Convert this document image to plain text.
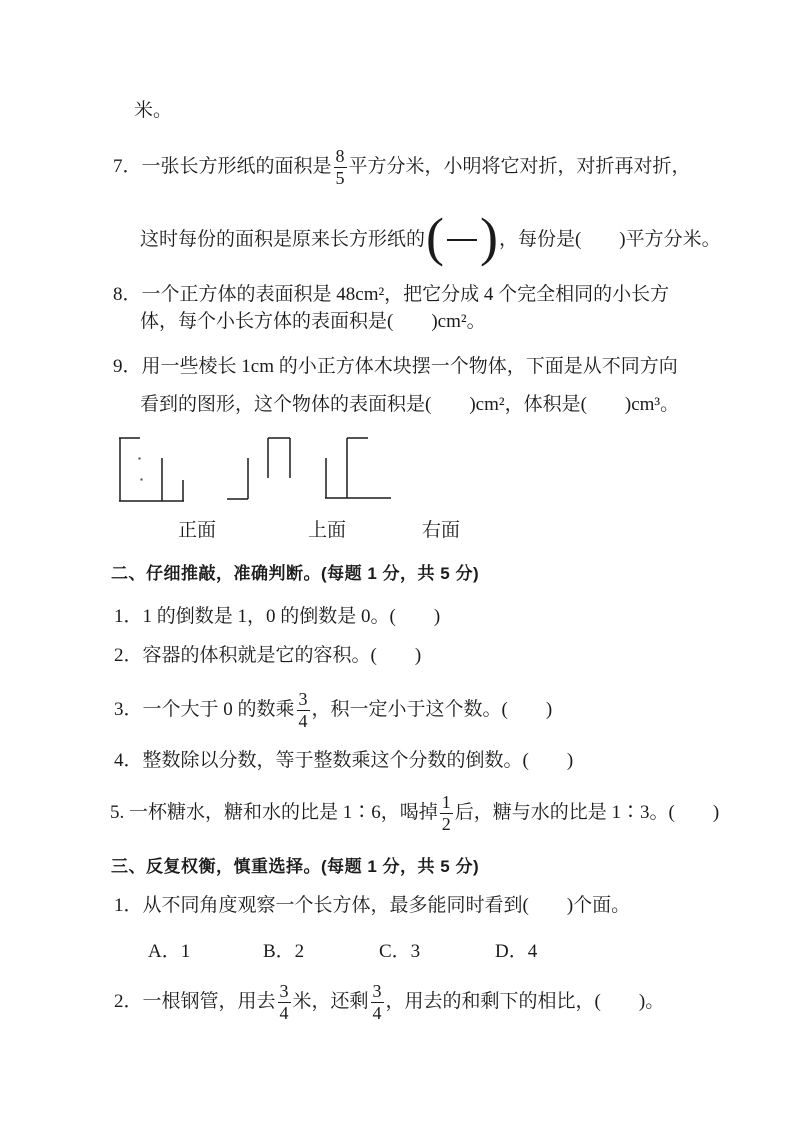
米。
7． 一张长方形纸的面积是 $\frac{8}{5}$ 平方分米，小明将它对折，对折再对折，
这时每份的面积是原来长方形纸的 ( ) ，每份是(　　)平方分米。
8． 一个正方体的表面积是 48cm²，把它分成 4 个完全相同的小长方
体，每个小长方体的表面积是(　　)cm²。
9． 用一些棱长 1cm 的小正方体木块摆一个物体，下面是从不同方向
看到的图形，这个物体的表面积是(　　)cm²，体积是(　　)cm³。
正面	上面	右面
二、仔细推敲，准确判断。(每题 1 分，共 5 分)
1．1 的倒数是 1，0 的倒数是 0。(　　)
2．容器的体积就是它的容积。(　　)
3． 一个大于 0 的数乘 $\frac{3}{4}$ ，积一定小于这个数。(　　)
4．整数除以分数，等于整数乘这个分数的倒数。(　　)
5. 一杯糖水，糖和水的比是 1∶6，喝掉 $\frac{1}{2}$ 后，糖与水的比是 1∶3。(　　)
三、反复权衡，慎重选择。(每题 1 分，共 5 分)
1．从不同角度观察一个长方体，最多能同时看到(　　)个面。
A．1	B．2	C．3	D．4
2． 一根钢管，用去 $\frac{3}{4}$ 米，还剩 $\frac{3}{4}$ ，用去的和剩下的相比，(　　)。
